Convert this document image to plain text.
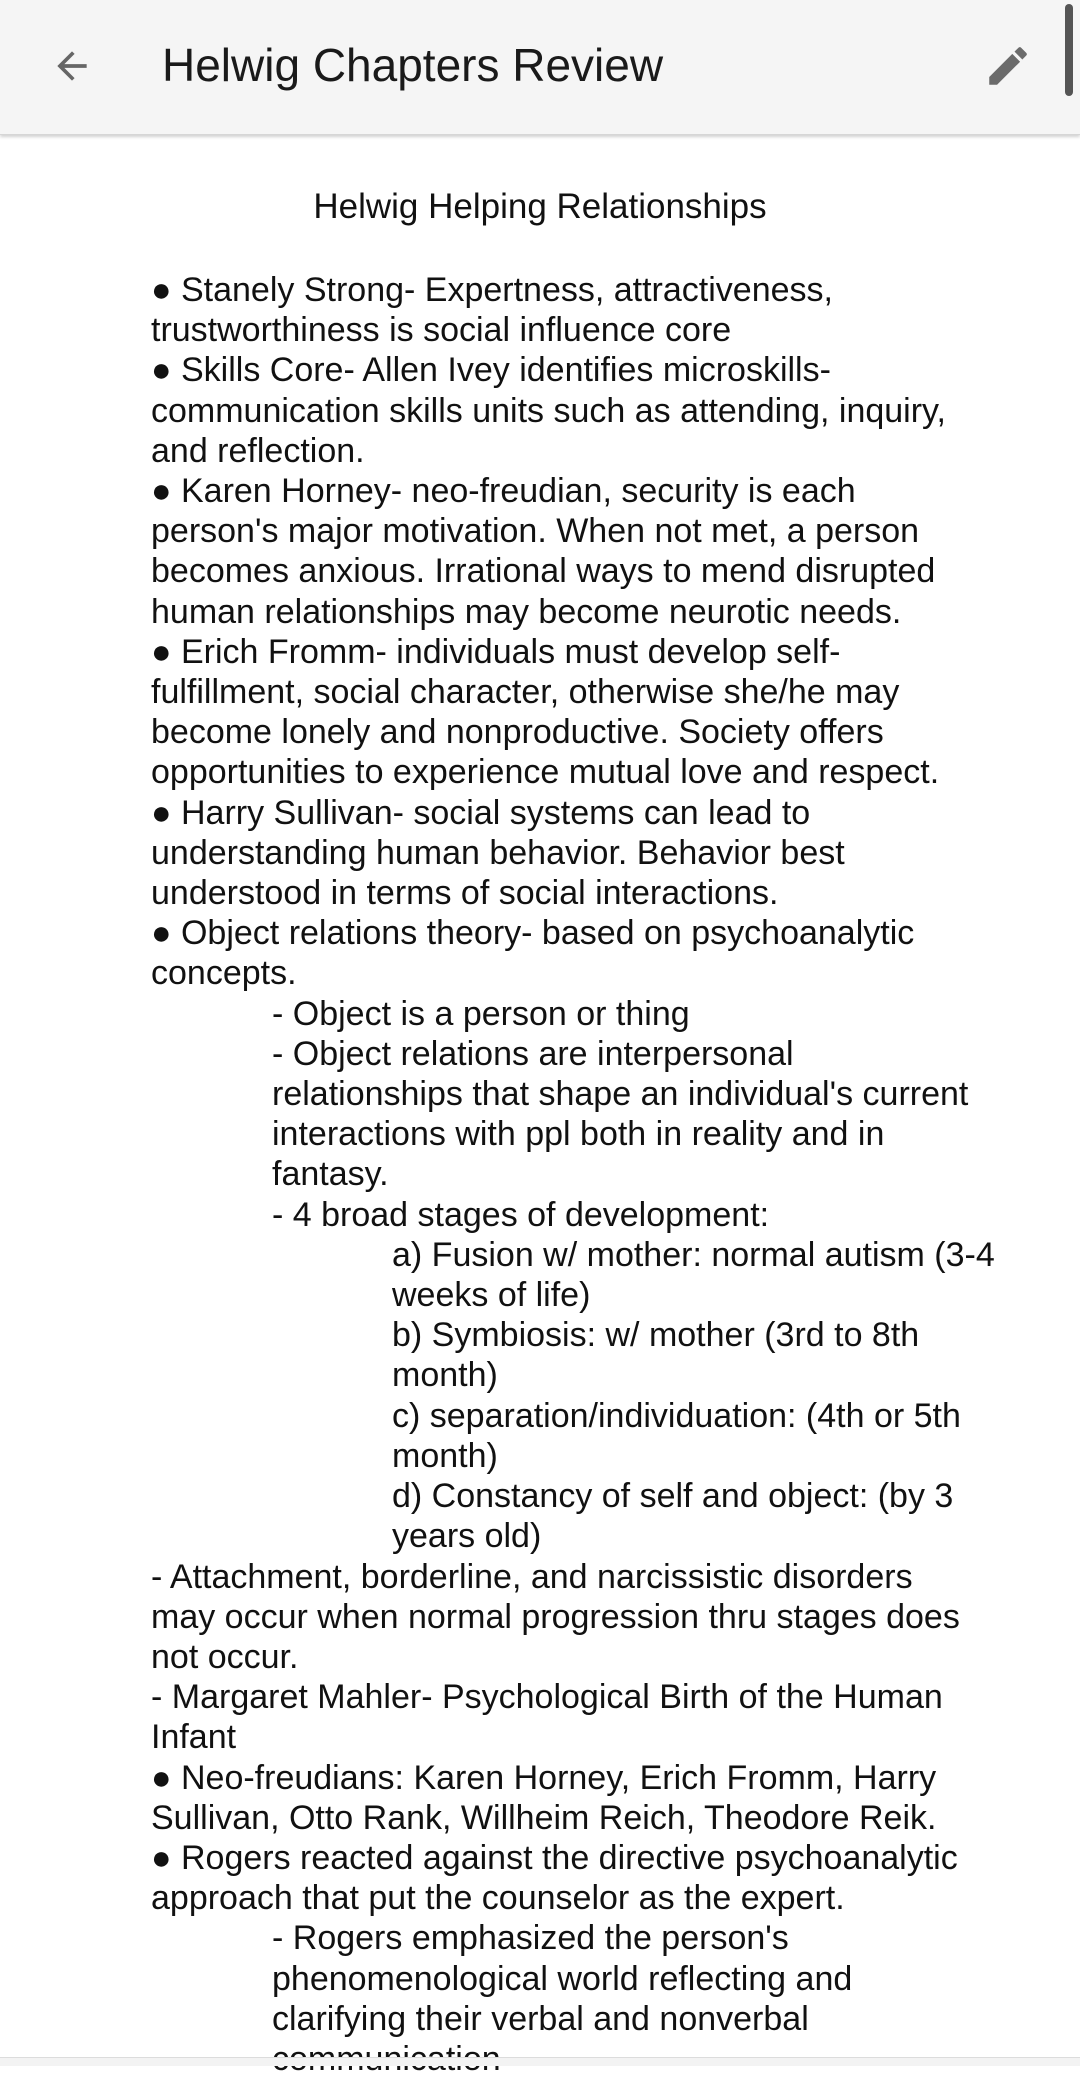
Helwig Chapters Review
Helwig Helping Relationships
● Stanely Strong- Expertness, attractiveness,
trustworthiness is social influence core
● Skills Core- Allen Ivey identifies microskills-
communication skills units such as attending, inquiry,
and reflection.
● Karen Horney- neo-freudian, security is each
person's major motivation. When not met, a person
becomes anxious. Irrational ways to mend disrupted
human relationships may become neurotic needs.
● Erich Fromm- individuals must develop self-
fulfillment, social character, otherwise she/he may
become lonely and nonproductive. Society offers
opportunities to experience mutual love and respect.
● Harry Sullivan- social systems can lead to
understanding human behavior. Behavior best
understood in terms of social interactions.
● Object relations theory- based on psychoanalytic
concepts.
- Object is a person or thing
- Object relations are interpersonal
relationships that shape an individual's current
interactions with ppl both in reality and in
fantasy.
- 4 broad stages of development:
a) Fusion w/ mother: normal autism (3-4
weeks of life)
b) Symbiosis: w/ mother (3rd to 8th
month)
c) separation/individuation: (4th or 5th
month)
d) Constancy of self and object: (by 3
years old)
- Attachment, borderline, and narcissistic disorders
may occur when normal progression thru stages does
not occur.
- Margaret Mahler- Psychological Birth of the Human
Infant
● Neo-freudians: Karen Horney, Erich Fromm, Harry
Sullivan, Otto Rank, Willheim Reich, Theodore Reik.
● Rogers reacted against the directive psychoanalytic
approach that put the counselor as the expert.
- Rogers emphasized the person's
phenomenological world reflecting and
clarifying their verbal and nonverbal
